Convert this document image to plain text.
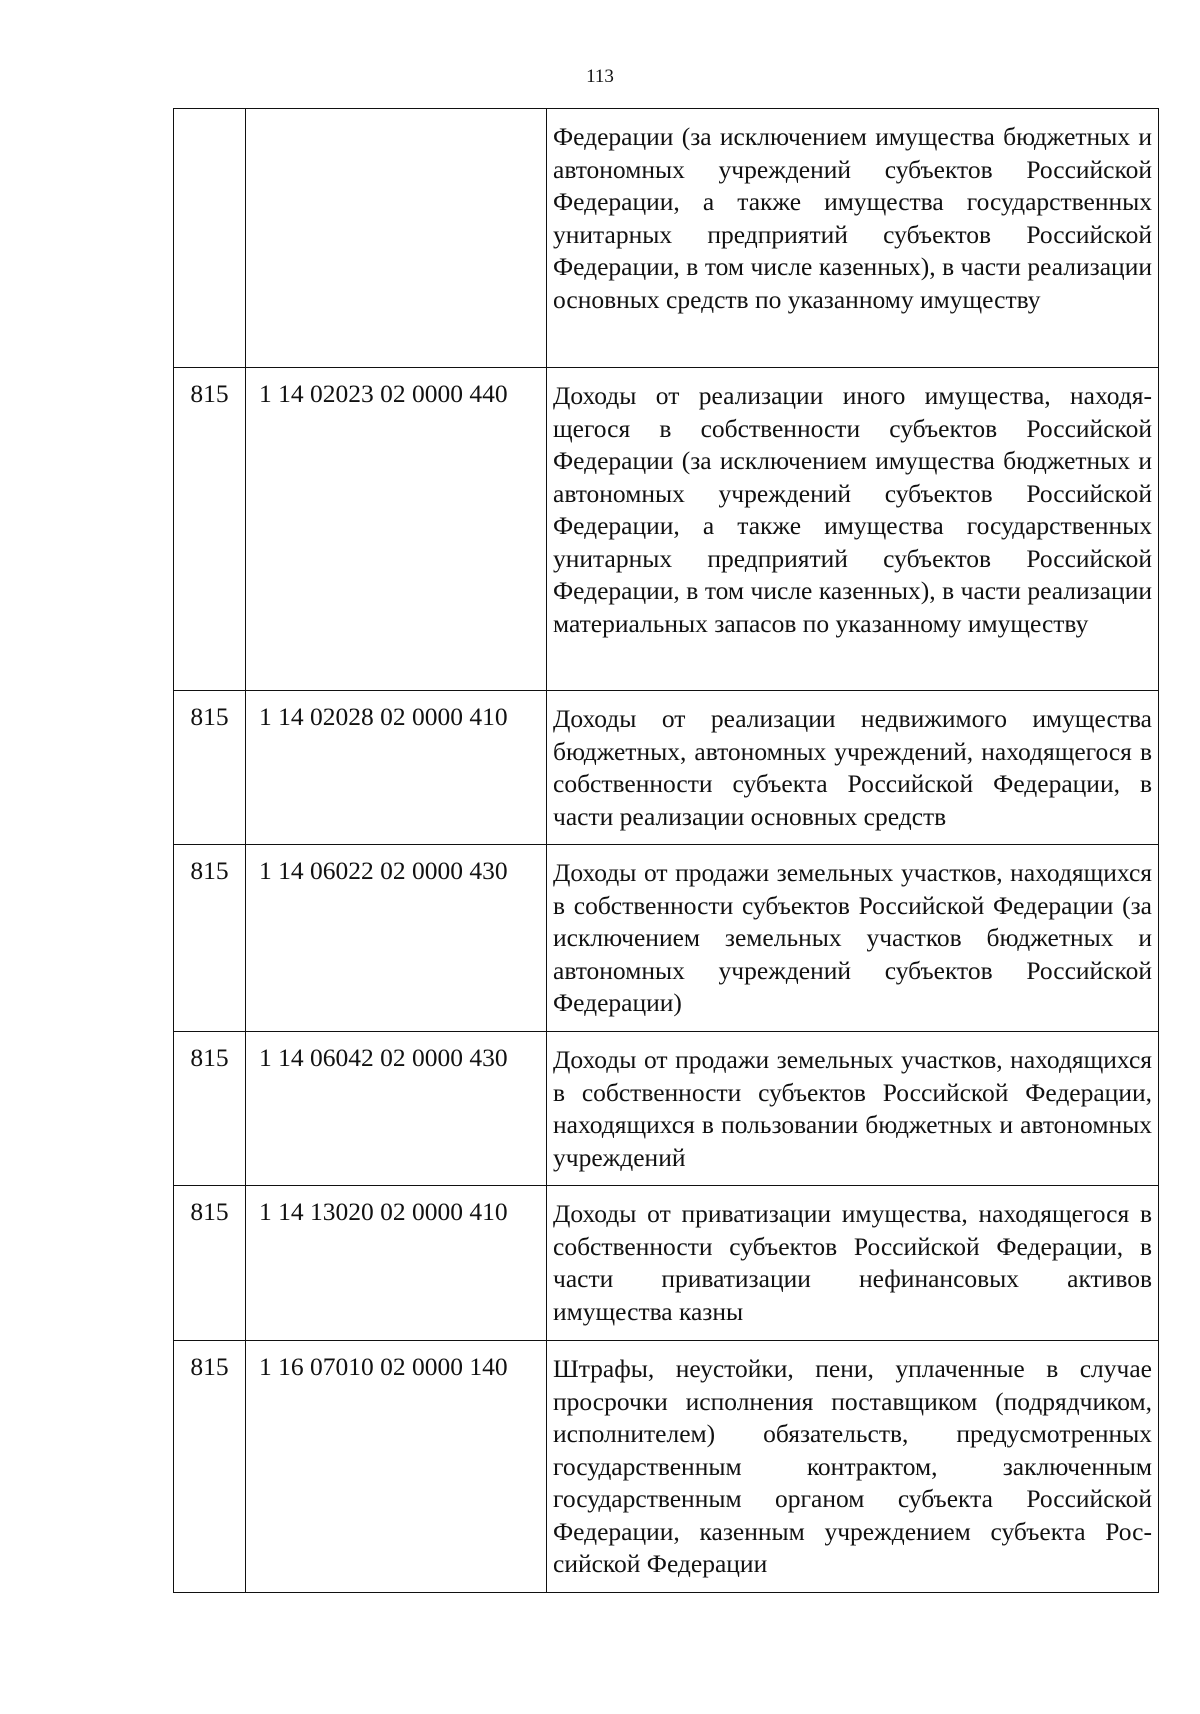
113
		Федерации (за исключением имущества бюджетных и автономных учреждений субъектов Российской Федерации, а также имущества государственных унитарных предприятий субъектов Российской Федерации, в том числе казенных), в части реализации основных средств по указанному имуществу
815	1 14 02023 02 0000 440	Доходы от реализации иного имущества, находящегося в собственности субъектов Российской Федерации (за исключением имущества бюджетных и автономных учреждений субъектов Российской Федерации, а также имущества государственных унитарных предприятий субъектов Российской Федерации, в том числе казенных), в части реализации материальных запасов по указанному имуществу
815	1 14 02028 02 0000 410	Доходы от реализации недвижимого имущества бюджетных, автономных учреждений, находящегося в собственности субъекта Российской Федерации, в части реализации основных средств
815	1 14 06022 02 0000 430	Доходы от продажи земельных участков, находящихся в собственности субъектов Российской Федерации (за исключением земельных участков бюджетных и автономных учреждений субъектов Российской Федерации)
815	1 14 06042 02 0000 430	Доходы от продажи земельных участков, находящихся в собственности субъектов Российской Федерации, находящихся в пользовании бюджетных и автономных учреждений
815	1 14 13020 02 0000 410	Доходы от приватизации имущества, находящегося в собственности субъектов Российской Федерации, в части приватизации нефинансовых активов имущества казны
815	1 16 07010 02 0000 140	Штрафы, неустойки, пени, уплаченные в случае просрочки исполнения поставщиком (подрядчиком, исполнителем) обязательств, предусмотренных государственным контрактом, заключенным государственным органом субъекта Российской Федерации, казенным учреждением субъекта Российской Федерации
